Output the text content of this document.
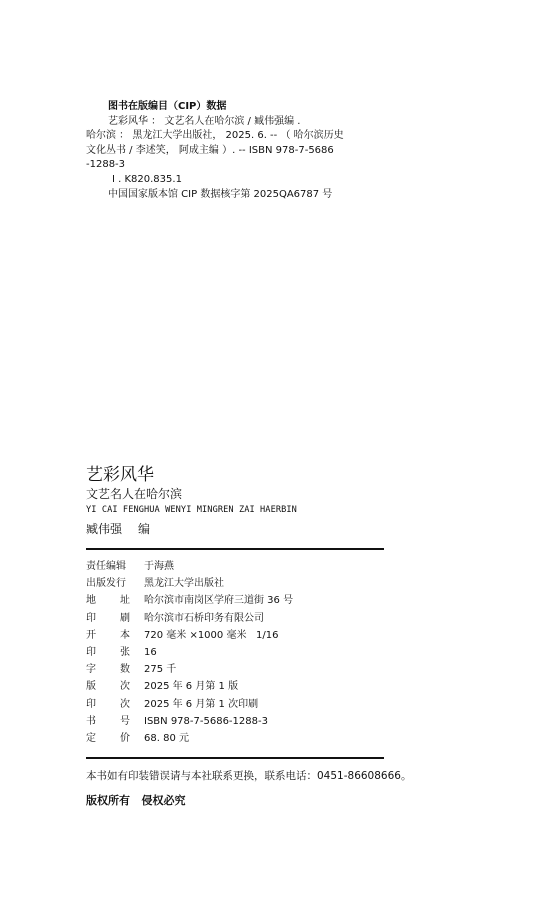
图书在版编目（CIP）数据
艺彩风华 ： 文艺名人在哈尔滨 / 臧伟强编 .
哈尔滨 ： 黑龙江大学出版社， 2025. 6. -- （ 哈尔滨历史
文化丛书 / 李述笑， 阿成主编 ）. -- ISBN 978-7-5686
-1288-3
Ⅰ . K820.835.1
中国国家版本馆 CIP 数据核字第 2025QA6787 号
艺彩风华
文艺名人在哈尔滨
YI CAI FENGHUA WENYI MINGREN ZAI HAERBIN
臧伟强 编
责任编辑 于海燕
出版发行 黑龙江大学出版社
地 址 哈尔滨市南岗区学府三道街 36 号
印 刷 哈尔滨市石桥印务有限公司
开 本 720 毫米 ×1000 毫米   1/16
印 张 16
字 数 275 千
版 次 2025 年 6 月第 1 版
印 次 2025 年 6 月第 1 次印刷
书 号 ISBN 978-7-5686-1288-3
定 价 68. 80 元
本书如有印装错误请与本社联系更换，联系电话：0451-86608666。
版权所有   侵权必究
